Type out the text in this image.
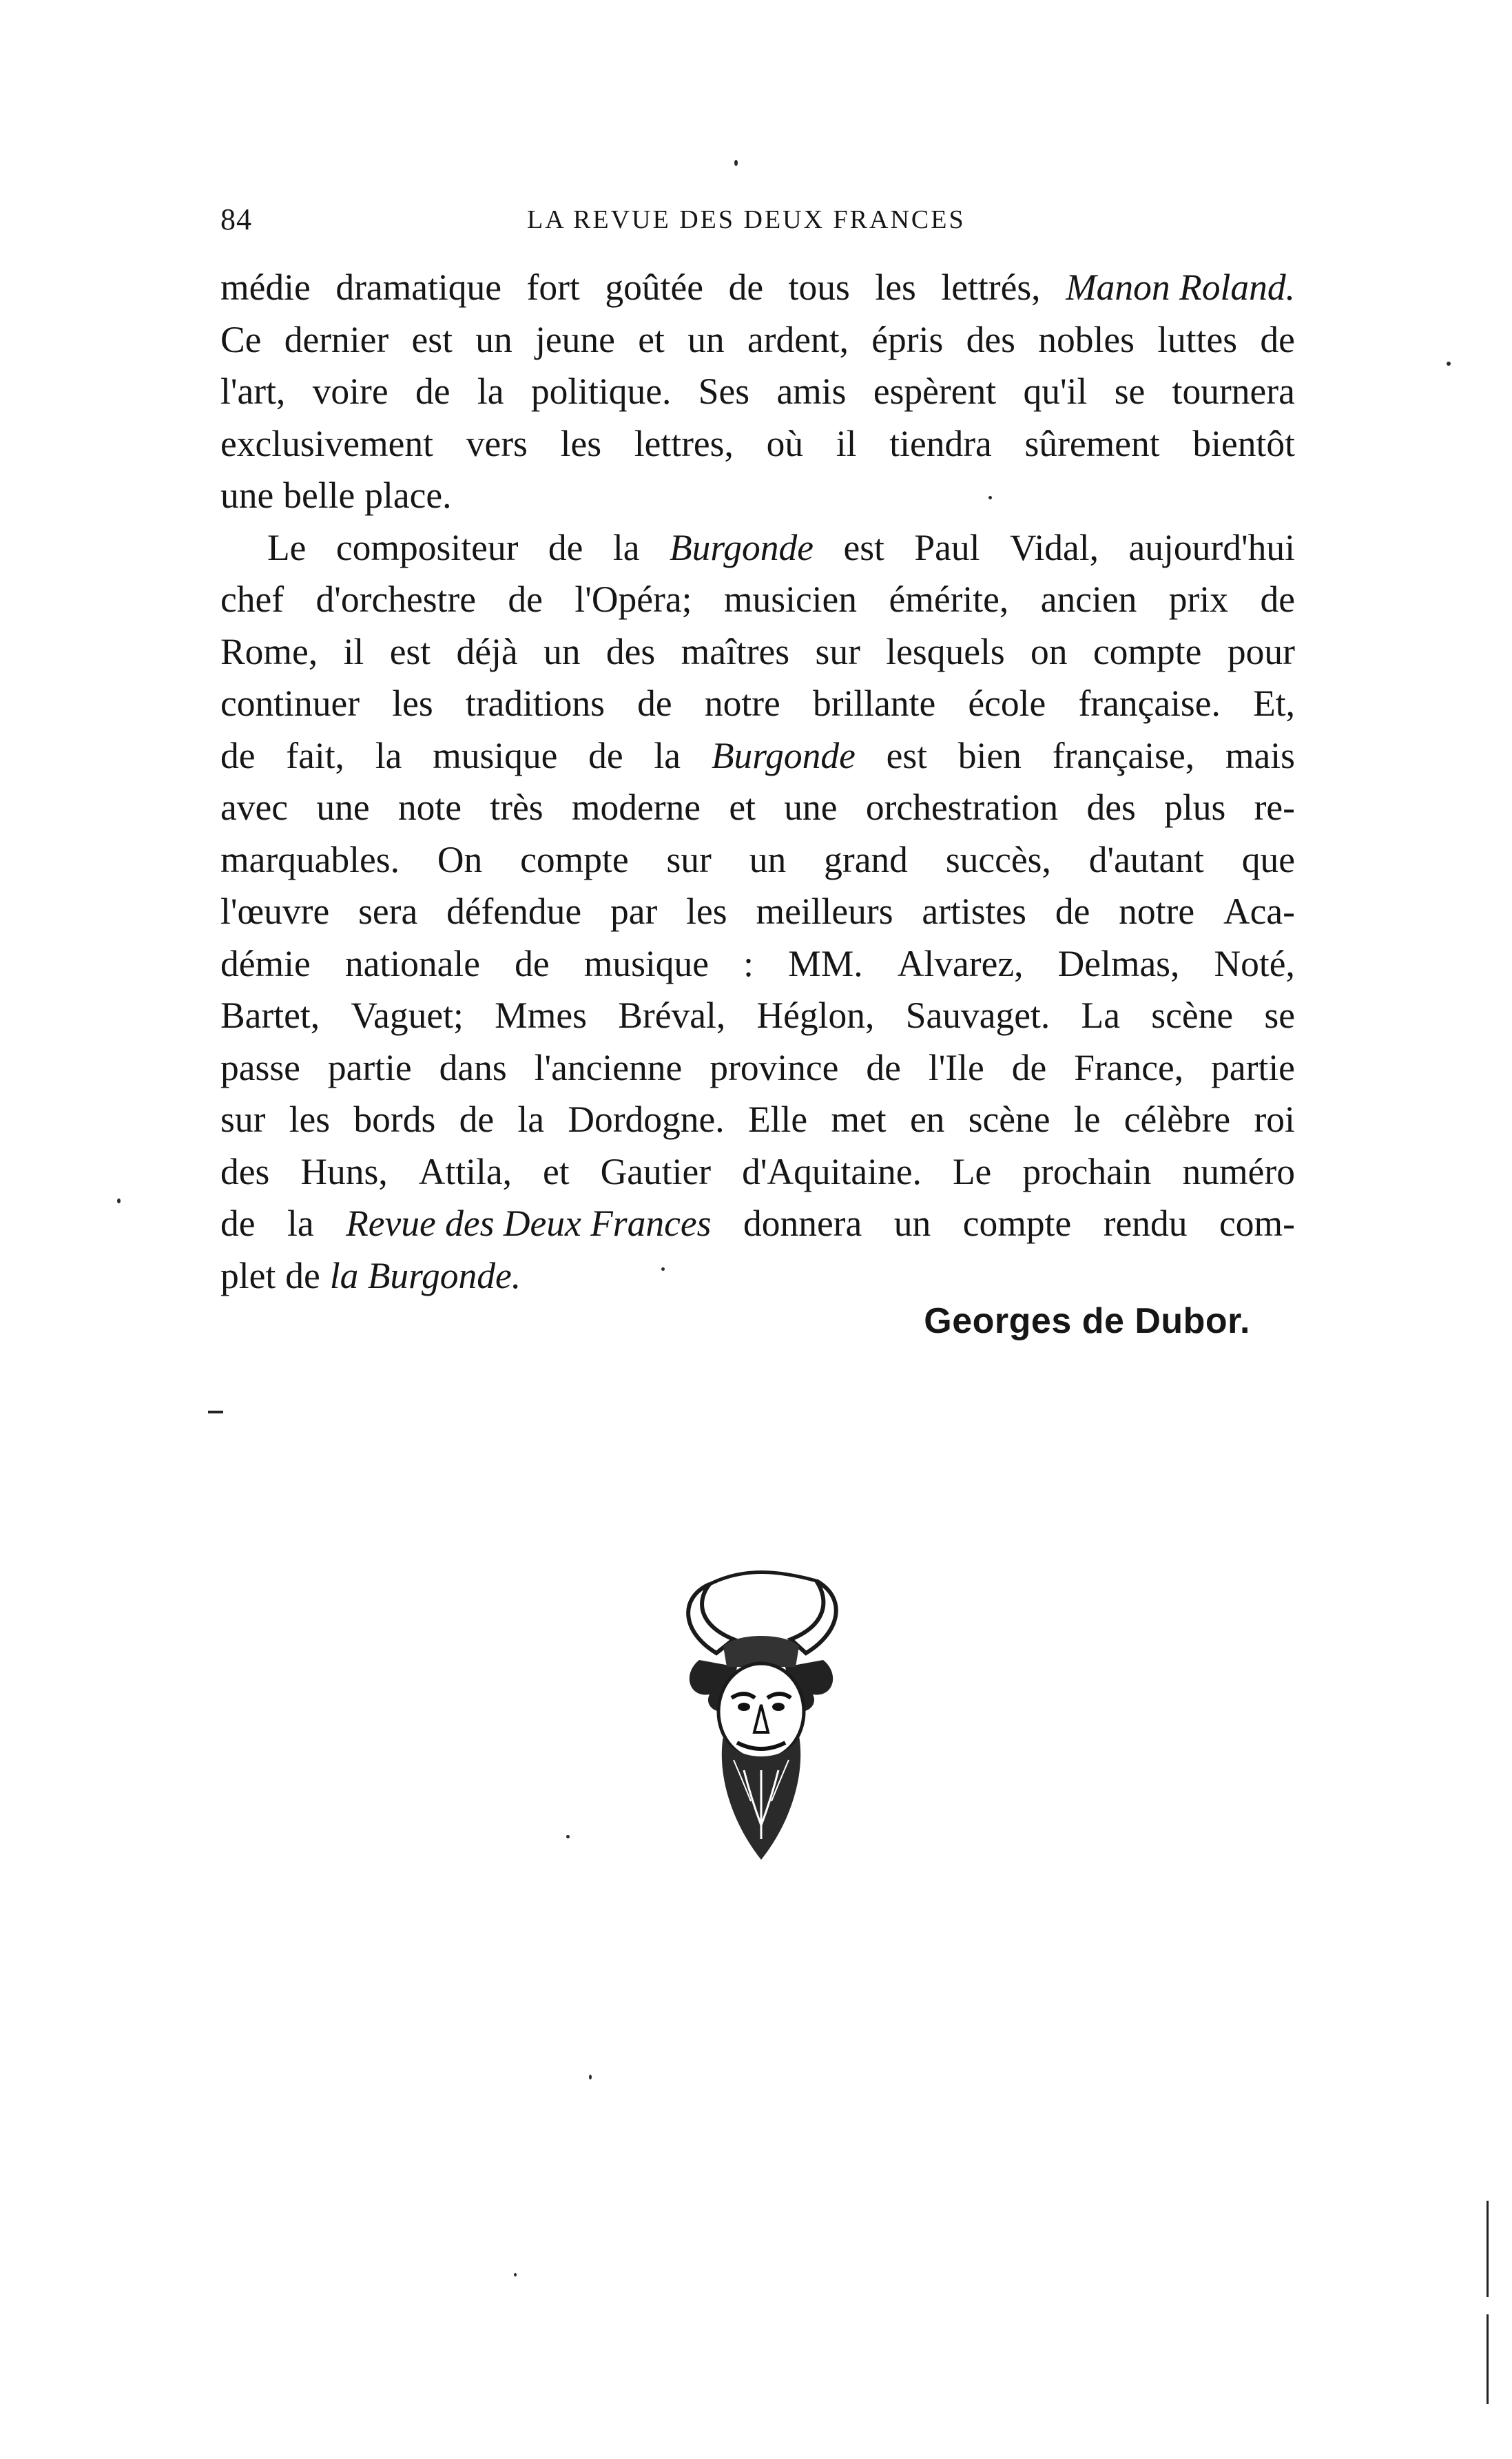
84	LA REVUE DES DEUX FRANCES
médie dramatique fort goûtée de tous les lettrés, Manon Roland.
Ce dernier est un jeune et un ardent, épris des nobles luttes de
l'art, voire de la politique. Ses amis espèrent qu'il se tournera
exclusivement vers les lettres, où il tiendra sûrement bientôt
une belle place.
Le compositeur de la Burgonde est Paul Vidal, aujourd'hui
chef d'orchestre de l'Opéra; musicien émérite, ancien prix de
Rome, il est déjà un des maîtres sur lesquels on compte pour
continuer les traditions de notre brillante école française. Et,
de fait, la musique de la Burgonde est bien française, mais
avec une note très moderne et une orchestration des plus re-
marquables. On compte sur un grand succès, d'autant que
l'œuvre sera défendue par les meilleurs artistes de notre Aca-
démie nationale de musique : MM. Alvarez, Delmas, Noté,
Bartet, Vaguet; Mmes Bréval, Héglon, Sauvaget. La scène se
passe partie dans l'ancienne province de l'Ile de France, partie
sur les bords de la Dordogne. Elle met en scène le célèbre roi
des Huns, Attila, et Gautier d'Aquitaine. Le prochain numéro
de la Revue des Deux Frances donnera un compte rendu com-
plet de la Burgonde.
Georges de Dubor.
